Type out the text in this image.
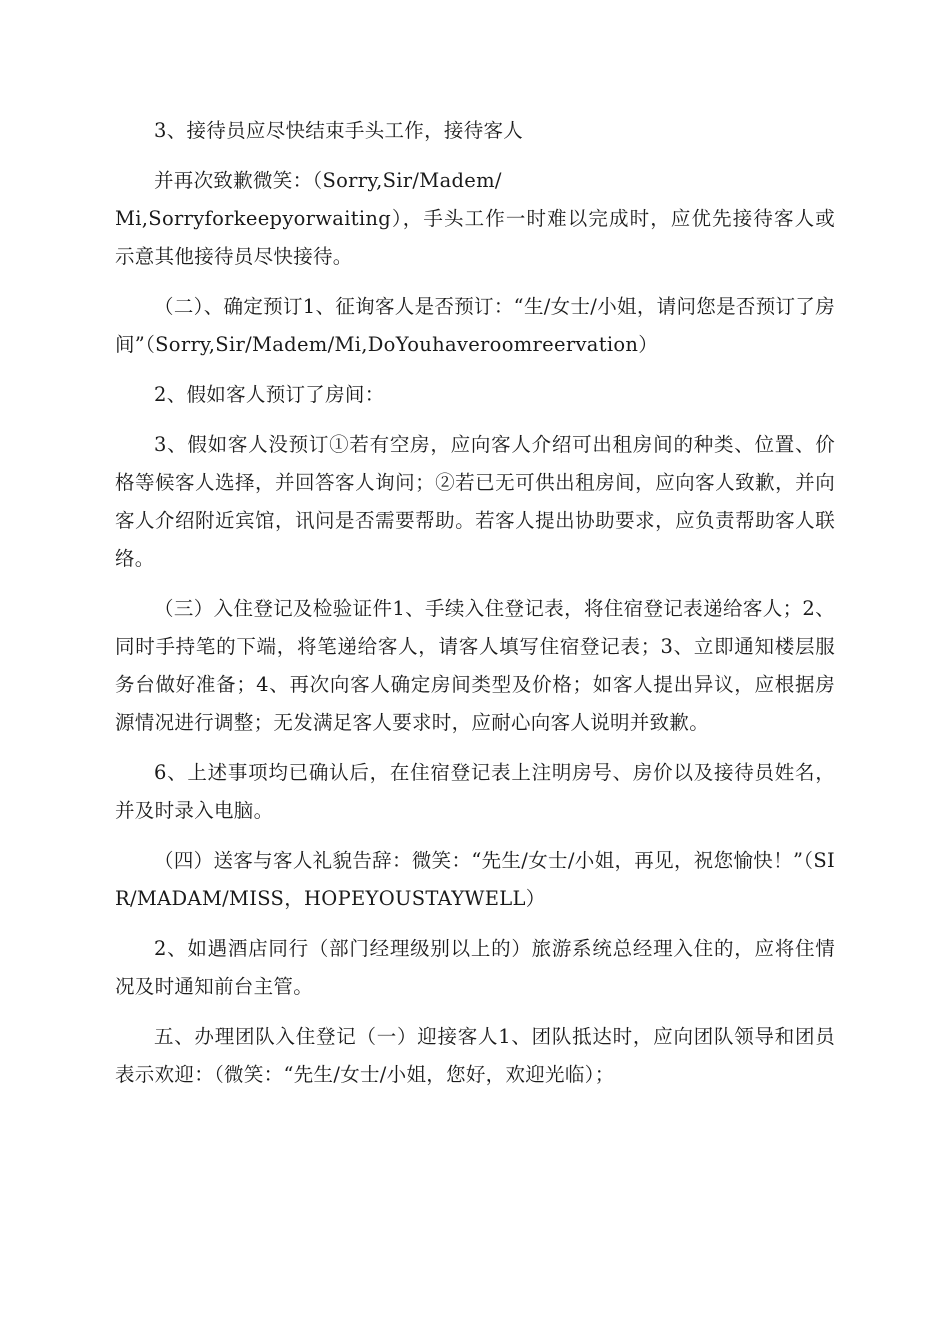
3、接待员应尽快结束手头工作，接待客人

并再次致歉微笑：（Sorry,Sir/Madem/

Mi,Sorryforkeepyorwaiting），手头工作一时难以完成时，应优先接待客人或示意其他接待员尽快接待。

（二）、确定预订1、征询客人是否预订：“生/女士/小姐，请问您是否预订了房间”（Sorry,Sir/Madem/Mi,DoYouhaveroomreervation）

2、假如客人预订了房间：

3、假如客人没预订①若有空房，应向客人介绍可出租房间的种类、位置、价格等候客人选择，并回答客人询问；②若已无可供出租房间，应向客人致歉，并向客人介绍附近宾馆，讯问是否需要帮助。若客人提出协助要求，应负责帮助客人联络。

（三）入住登记及检验证件1、手续入住登记表，将住宿登记表递给客人；2、同时手持笔的下端，将笔递给客人，请客人填写住宿登记表；3、立即通知楼层服务台做好准备；4、再次向客人确定房间类型及价格；如客人提出异议，应根据房源情况进行调整；无发满足客人要求时，应耐心向客人说明并致歉。

6、上述事项均已确认后，在住宿登记表上注明房号、房价以及接待员姓名，并及时录入电脑。

（四）送客与客人礼貌告辞：微笑：“先生/女士/小姐，再见，祝您愉快！”（SIR/MADAM/MISS，HOPEYOUSTAYWELL）

2、如遇酒店同行（部门经理级别以上的）旅游系统总经理入住的，应将住情况及时通知前台主管。

五、办理团队入住登记（一）迎接客人1、团队抵达时，应向团队领导和团员表示欢迎：（微笑：“先生/女士/小姐，您好，欢迎光临）；
